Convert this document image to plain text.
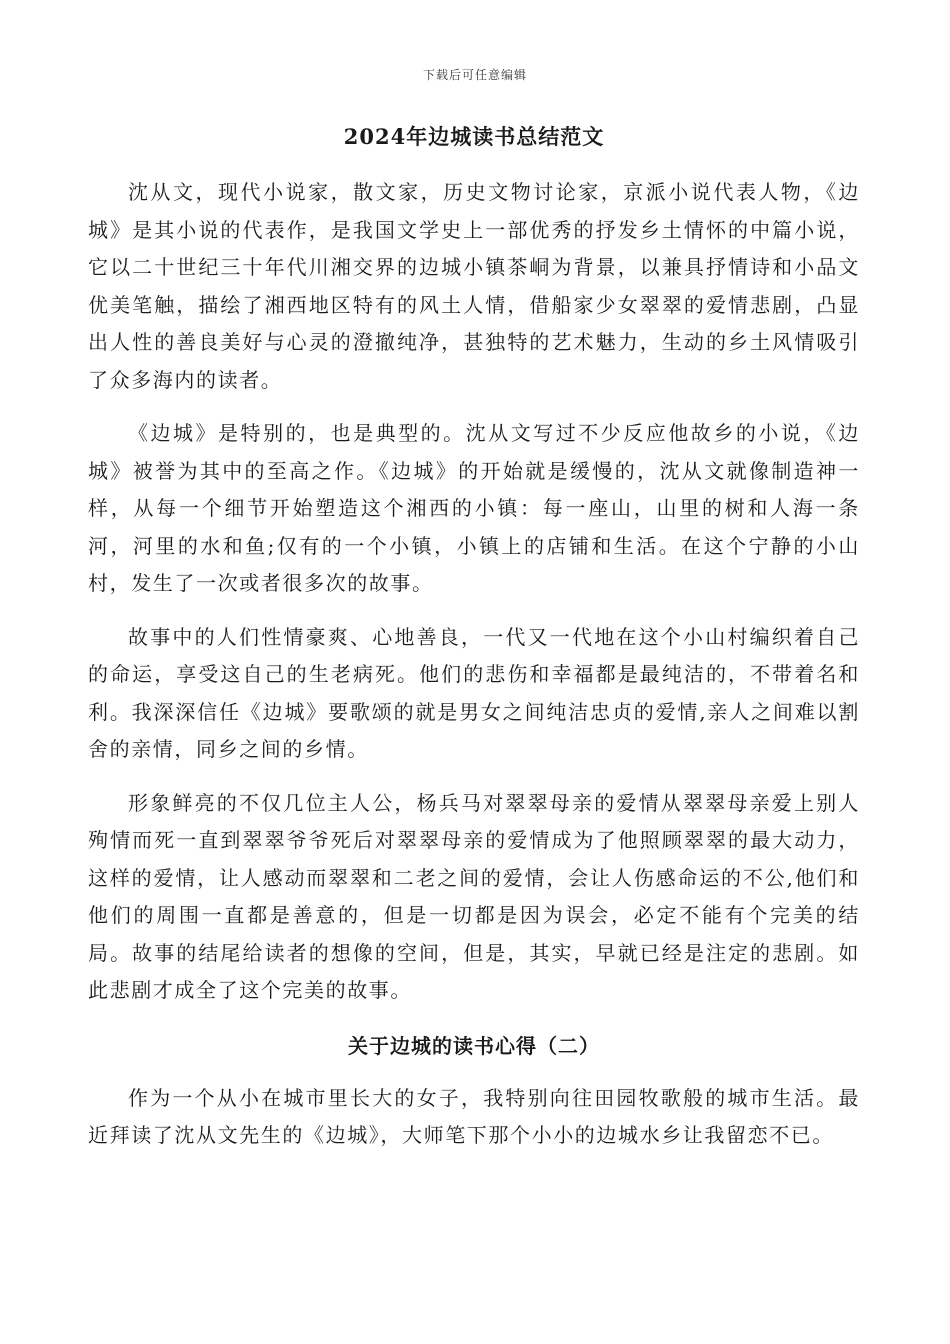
下载后可任意编辑
2024年边城读书总结范文

沈从文，现代小说家，散文家，历史文物讨论家，京派小说代表人物，《边城》是其小说的代表作，是我国文学史上一部优秀的抒发乡土情怀的中篇小说，它以二十世纪三十年代川湘交界的边城小镇茶峒为背景，以兼具抒情诗和小品文优美笔触，描绘了湘西地区特有的风土人情，借船家少女翠翠的爱情悲剧，凸显出人性的善良美好与心灵的澄撤纯净，甚独特的艺术魅力，生动的乡土风情吸引了众多海内的读者。

《边城》是特别的，也是典型的。沈从文写过不少反应他故乡的小说，《边城》被誉为其中的至高之作。《边城》的开始就是缓慢的，沈从文就像制造神一样，从每一个细节开始塑造这个湘西的小镇：每一座山，山里的树和人海一条河，河里的水和鱼;仅有的一个小镇，小镇上的店铺和生活。在这个宁静的小山村，发生了一次或者很多次的故事。

故事中的人们性情豪爽、心地善良，一代又一代地在这个小山村编织着自己的命运，享受这自己的生老病死。他们的悲伤和幸福都是最纯洁的，不带着名和利。我深深信任《边城》要歌颂的就是男女之间纯洁忠贞的爱情,亲人之间难以割舍的亲情，同乡之间的乡情。

形象鲜亮的不仅几位主人公，杨兵马对翠翠母亲的爱情从翠翠母亲爱上别人殉情而死一直到翠翠爷爷死后对翠翠母亲的爱情成为了他照顾翠翠的最大动力，这样的爱情，让人感动而翠翠和二老之间的爱情，会让人伤感命运的不公,他们和他们的周围一直都是善意的，但是一切都是因为误会，必定不能有个完美的结局。故事的结尾给读者的想像的空间，但是，其实，早就已经是注定的悲剧。如此悲剧才成全了这个完美的故事。

关于边城的读书心得（二）

作为一个从小在城市里长大的女子，我特别向往田园牧歌般的城市生活。最近拜读了沈从文先生的《边城》，大师笔下那个小小的边城水乡让我留恋不已。
